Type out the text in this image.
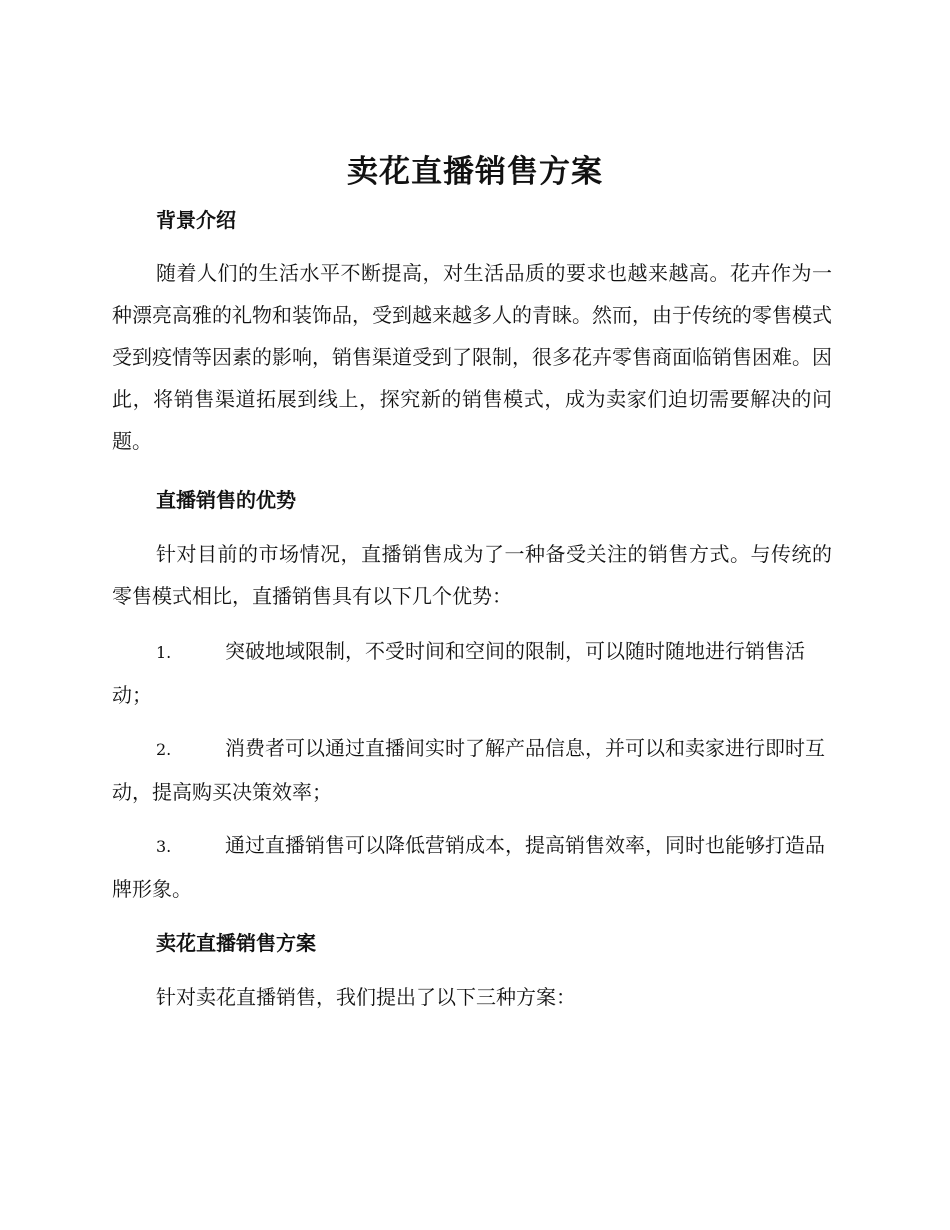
卖花直播销售方案
背景介绍
随着人们的生活水平不断提高，对生活品质的要求也越来越高。花卉作为一种漂亮高雅的礼物和装饰品，受到越来越多人的青睐。然而，由于传统的零售模式受到疫情等因素的影响，销售渠道受到了限制，很多花卉零售商面临销售困难。因此，将销售渠道拓展到线上，探究新的销售模式，成为卖家们迫切需要解决的问题。
直播销售的优势
针对目前的市场情况，直播销售成为了一种备受关注的销售方式。与传统的零售模式相比，直播销售具有以下几个优势：
1.	突破地域限制，不受时间和空间的限制，可以随时随地进行销售活动；
2.	消费者可以通过直播间实时了解产品信息，并可以和卖家进行即时互动，提高购买决策效率；
3.	通过直播销售可以降低营销成本，提高销售效率，同时也能够打造品牌形象。
卖花直播销售方案
针对卖花直播销售，我们提出了以下三种方案：
